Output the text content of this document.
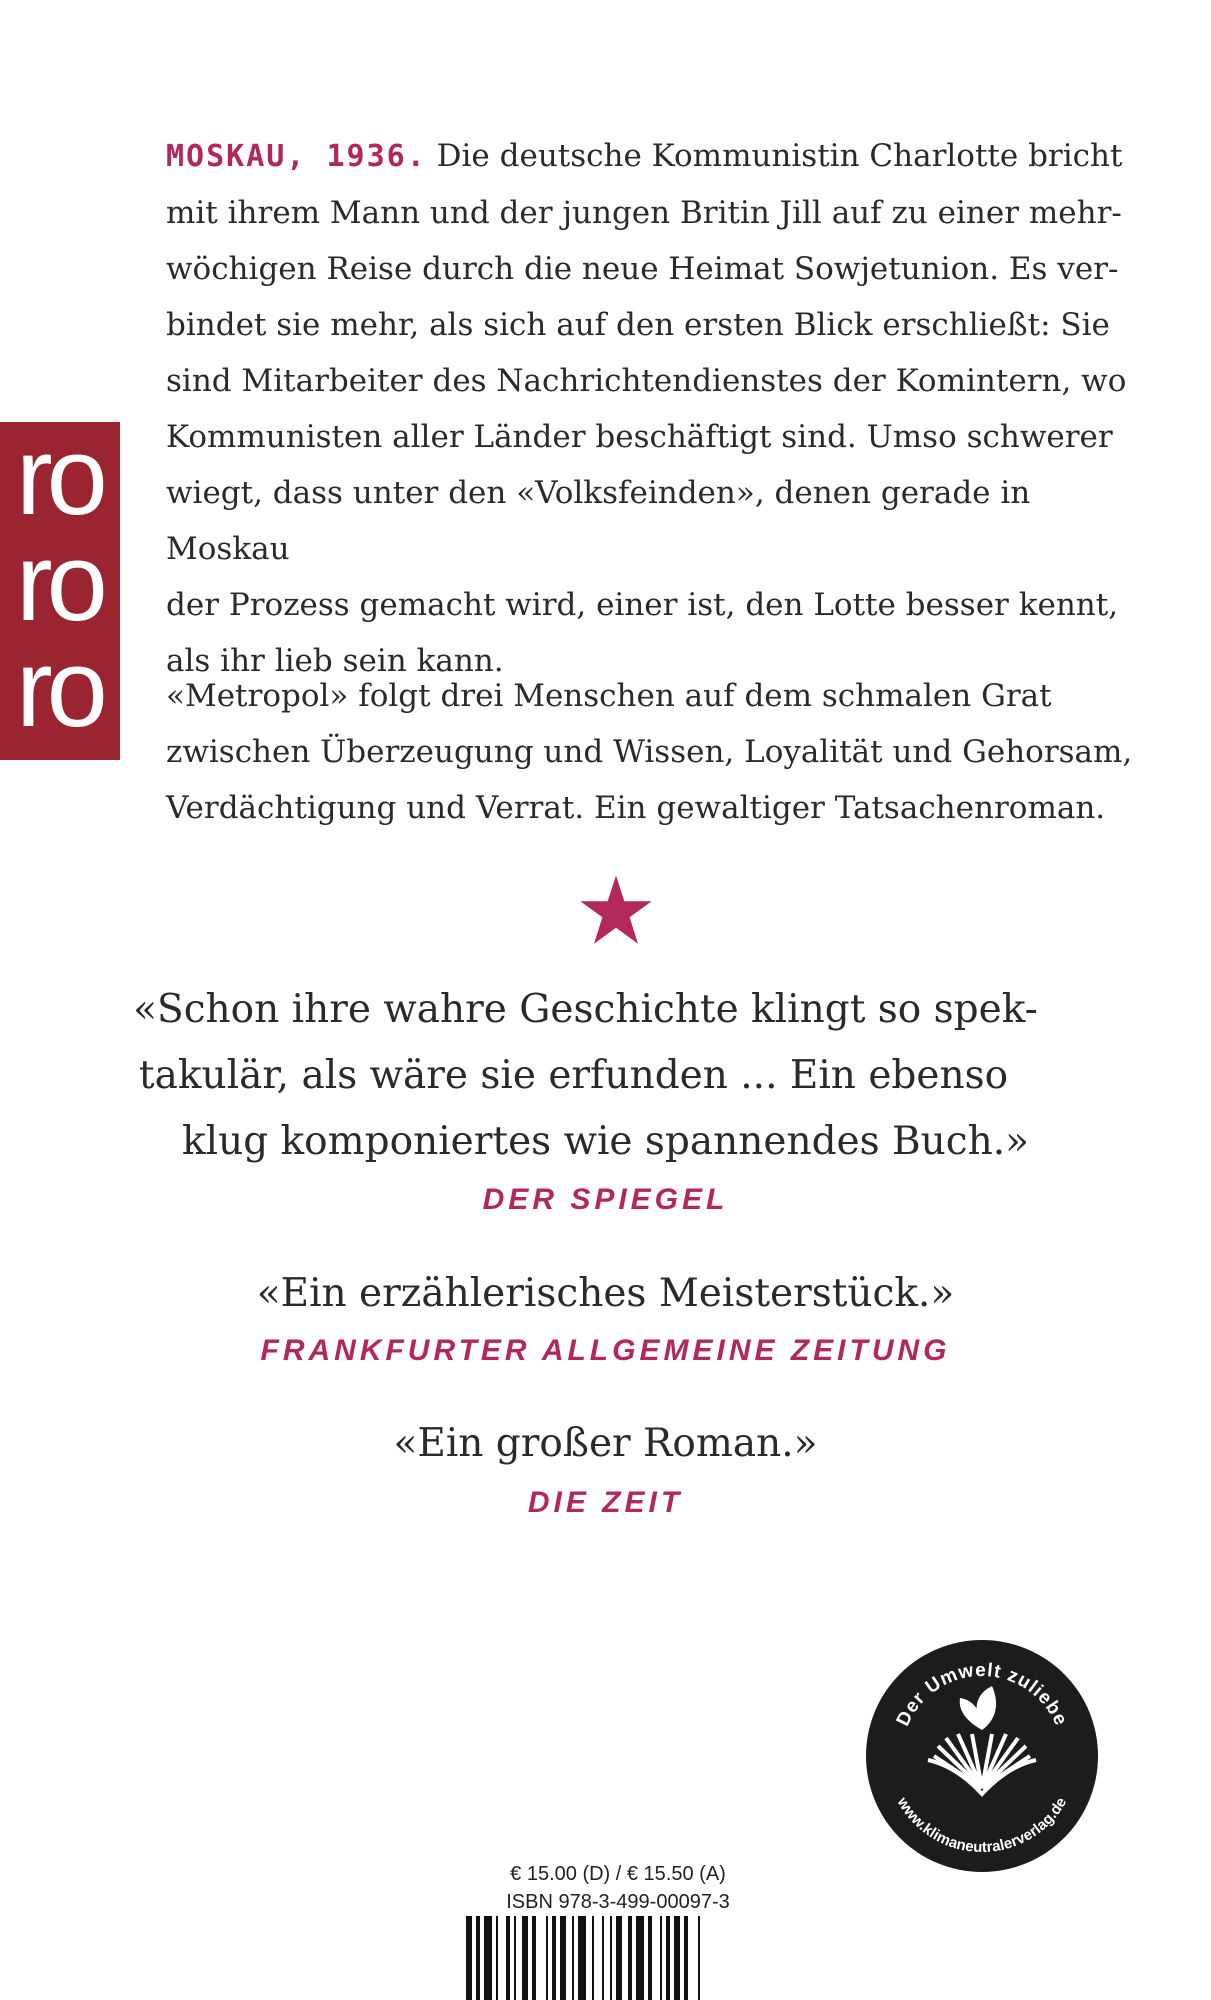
ro
ro
ro

MOSKAU, 1936. Die deutsche Kommunistin Charlotte bricht
mit ihrem Mann und der jungen Britin Jill auf zu einer mehr-
wöchigen Reise durch die neue Heimat Sowjetunion. Es ver-
bindet sie mehr, als sich auf den ersten Blick erschließt: Sie
sind Mitarbeiter des Nachrichtendienstes der Komintern, wo
Kommunisten aller Länder beschäftigt sind. Umso schwerer
wiegt, dass unter den «Volksfeinden», denen gerade in Moskau
der Prozess gemacht wird, einer ist, den Lotte besser kennt,
als ihr lieb sein kann.

«Metropol» folgt drei Menschen auf dem schmalen Grat
zwischen Überzeugung und Wissen, Loyalität und Gehorsam,
Verdächtigung und Verrat. Ein gewaltiger Tatsachenroman.

«Schon ihre wahre Geschichte klingt so spek-
takulär, als wäre sie erfunden ... Ein ebenso
klug komponiertes wie spannendes Buch.»

DER SPIEGEL

«Ein erzählerisches Meisterstück.»

FRANKFURTER ALLGEMEINE ZEITUNG

«Ein großer Roman.»

DIE ZEIT
Der Umwelt zuliebe
www.klimaneutralerverlag.de
€ 15.00 (D) / € 15.50 (A)
ISBN 978-3-499-00097-3
